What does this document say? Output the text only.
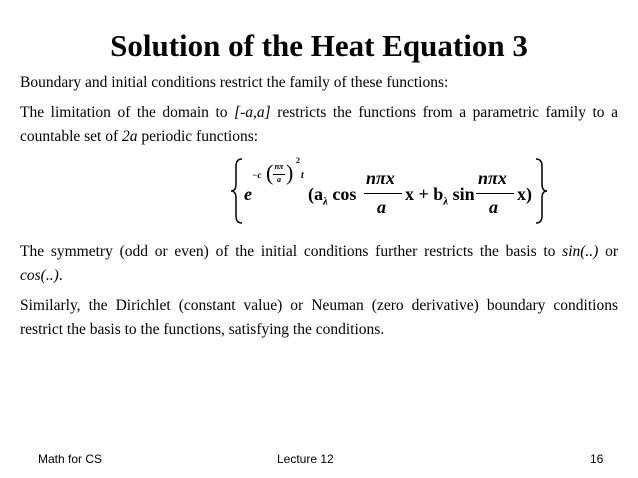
Solution of the Heat Equation 3

Boundary and initial conditions restrict the family of these functions:

The limitation of the domain to [-a,a] restricts the functions from a parametric family to a countable set of 2a periodic functions:

e
−c ( nπ
a ) 2
t
($a_\lambda$ cos
nπx
a
$x + b_\lambda$ sin
nπx
a
x)

The symmetry (odd or even) of the initial conditions further restricts the basis to sin(..) or cos(..).

Similarly, the Dirichlet (constant value) or Neuman (zero derivative) boundary conditions restrict the basis to the functions, satisfying the conditions.

Math for CS	Lecture 12	16
